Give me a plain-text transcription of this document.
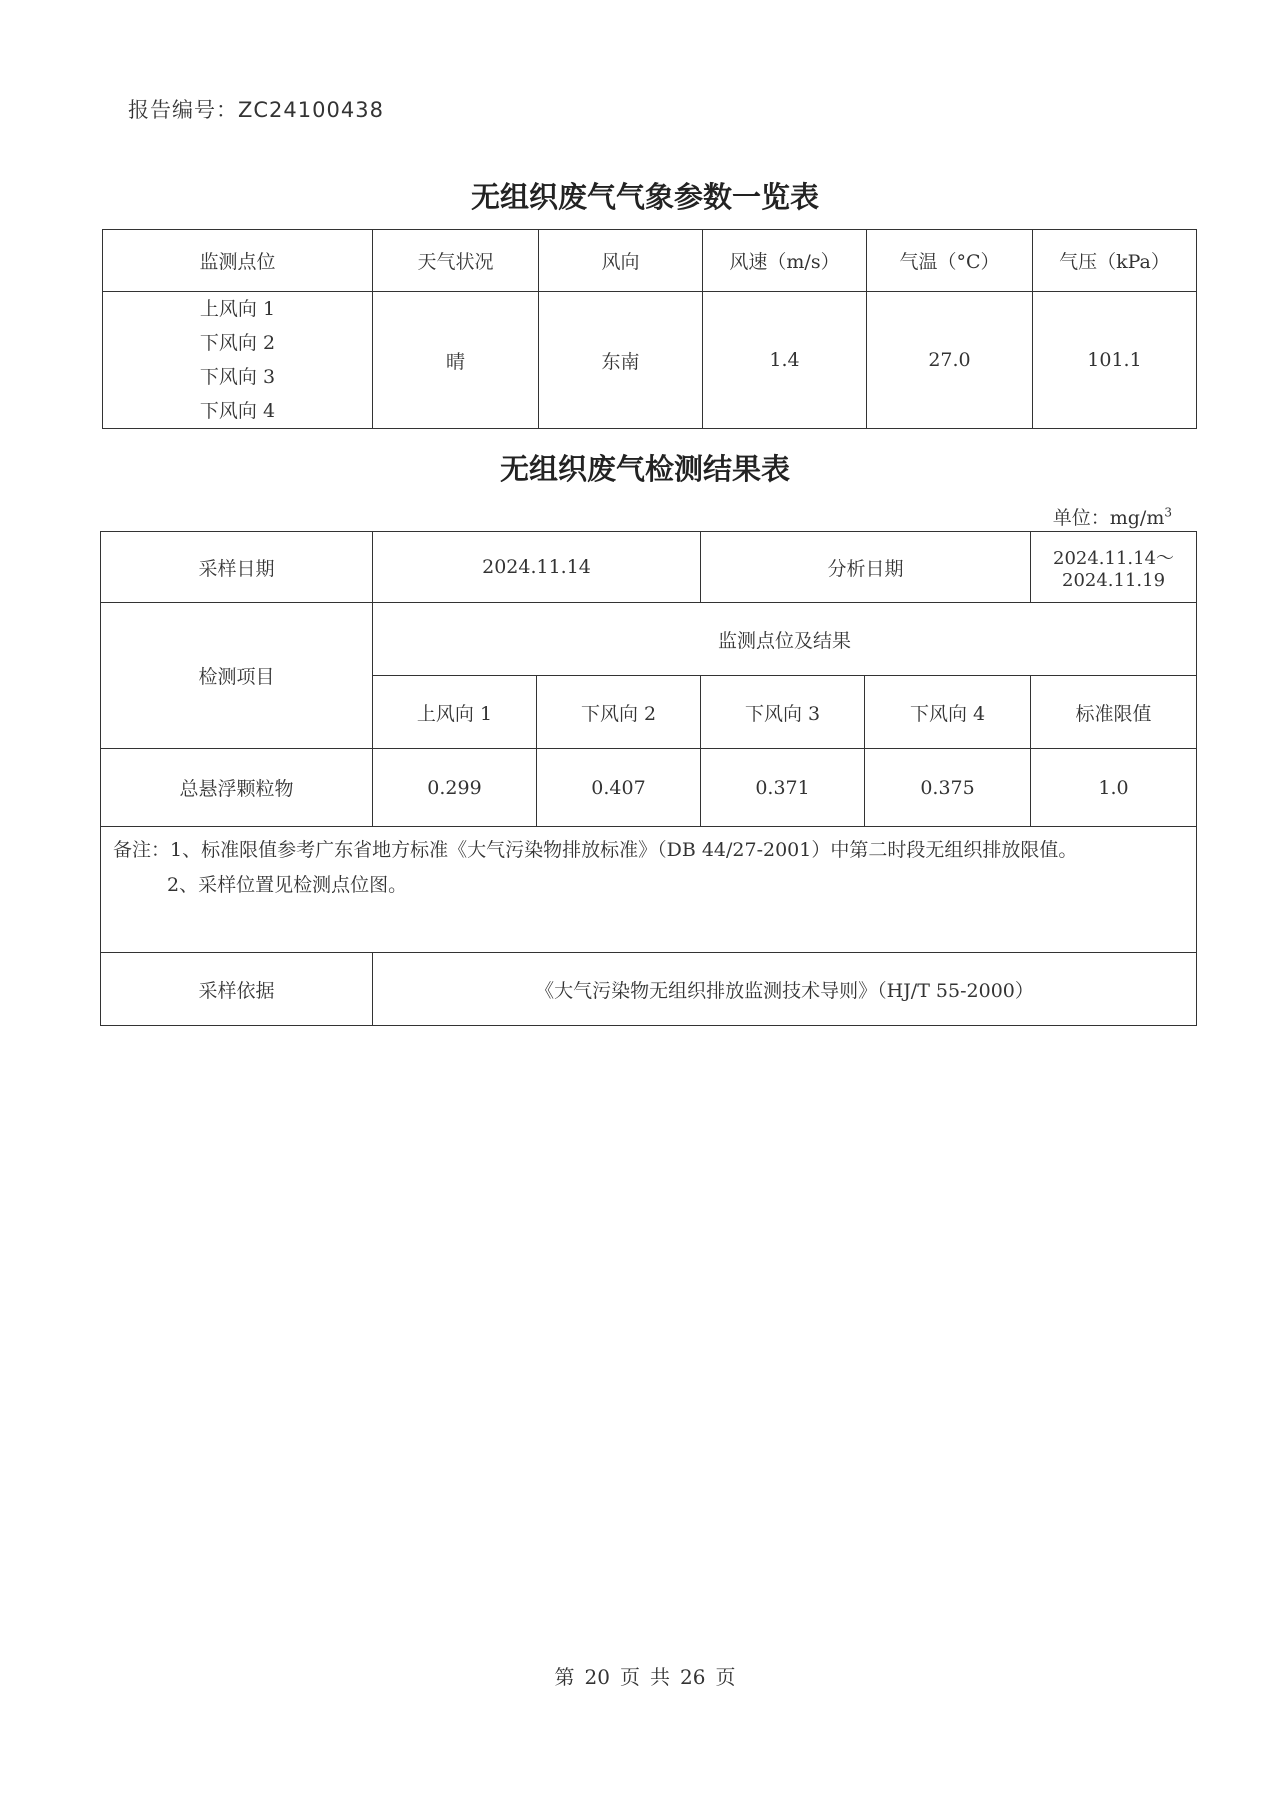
报告编号：ZC24100438
无组织废气气象参数一览表
监测点位	天气状况	风向	风速（m/s）	气温（°C）	气压（kPa）

上风向 1
下风向 2
下风向 3
下风向 4	晴	东南	1.4	27.0	101.1
无组织废气检测结果表
单位：$mg/m^3$
采样日期	2024.11.14		分析日期		2024.11.14～2024.11.19
检测项目	监测点位及结果				
	上风向 1	下风向 2	下风向 3	下风向 4	标准限值
总悬浮颗粒物	0.299	0.407	0.371	0.375	1.0

备注：1、标准限值参考广东省地方标准《大气污染物排放标准》（DB 44/27-2001）中第二时段无组织排放限值。
2、采样位置见检测点位图。					

采样依据	《大气污染物无组织排放监测技术导则》（HJ/T 55-2000）				
第 20 页 共 26 页
